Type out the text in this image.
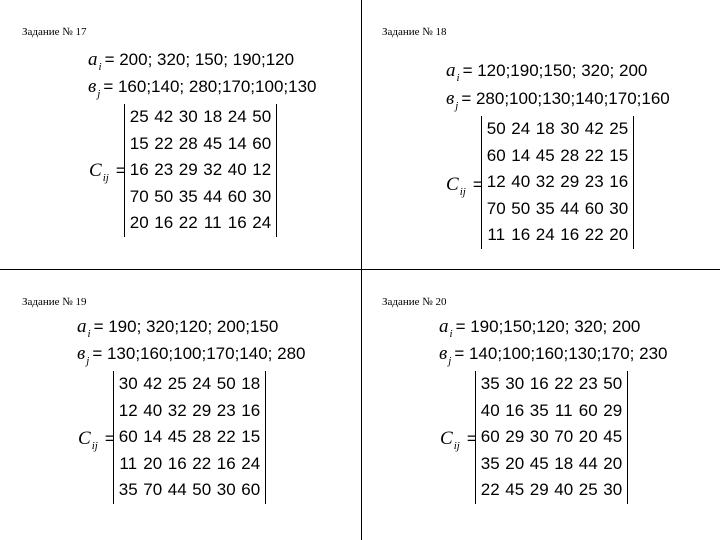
Задание № 17
$a_i = 200$; 320; 150; 190;120
$в_j$ = 160;140; 280;170;100;130
$C_{ij}$ =
25 42 30 18 24 50
15 22 28 45 14 60
16 23 29 32 40 12
70 50 35 44 60 30
20 16 22 11 16 24
Задание № 18
$a_i$ = 120;190;150; 320; 200
$в_j$ = 280;100;130;140;170;160
$C_{ij}$ =
50 24 18 30 42 25
60 14 45 28 22 15
12 40 32 29 23 16
70 50 35 44 60 30
11 16 24 16 22 20
Задание № 19
$a_i = 190$; 320;120; 200;150
$в_j$ = 130;160;100;170;140; 280
$C_{ij}$ =
30 42 25 24 50 18
12 40 32 29 23 16
60 14 45 28 22 15
11 20 16 22 16 24
35 70 44 50 30 60
Задание № 20
$a_i$ = 190;150;120; 320; 200
$в_j$ = 140;100;160;130;170; 230
$C_{ij}$ =
35 30 16 22 23 50
40 16 35 11 60 29
60 29 30 70 20 45
35 20 45 18 44 20
22 45 29 40 25 30
